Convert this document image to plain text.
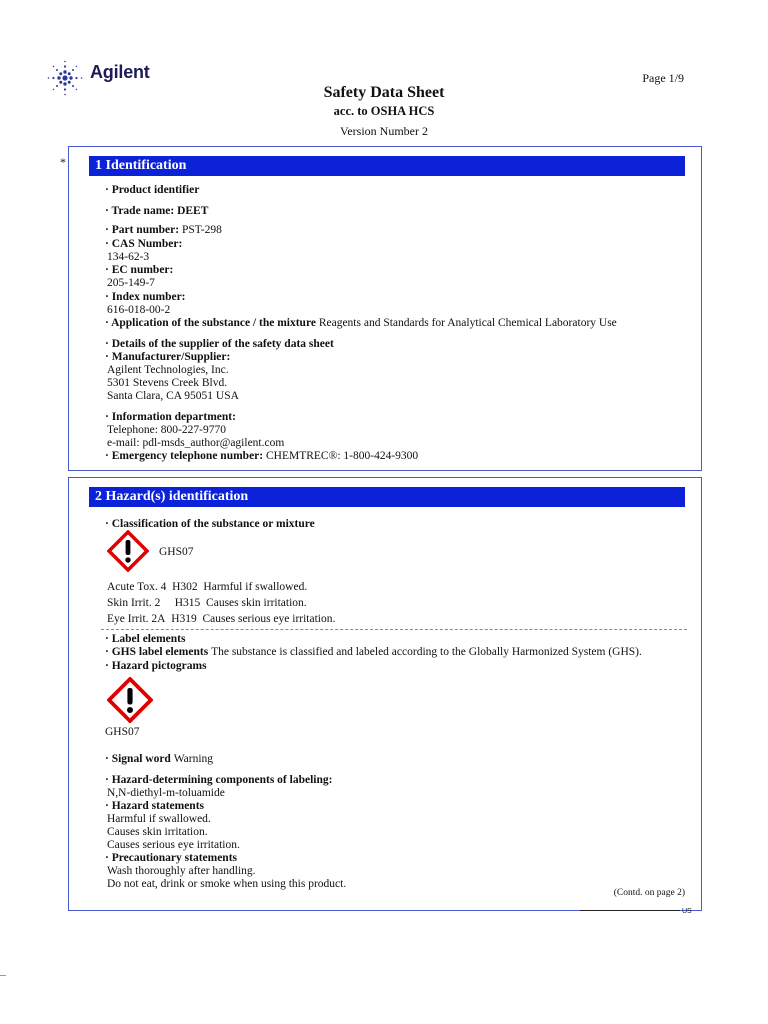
Agilent	Page 1/9
Safety Data Sheet
acc. to OSHA HCS
Version Number 2
*	1 Identification
· Product identifier
· Trade name: DEET
· Part number: PST-298
· CAS Number:
134-62-3
· EC number:
205-149-7
· Index number:
616-018-00-2
· Application of the substance / the mixture Reagents and Standards for Analytical Chemical Laboratory Use
· Details of the supplier of the safety data sheet
· Manufacturer/Supplier:
Agilent Technologies, Inc.
5301 Stevens Creek Blvd.
Santa Clara, CA 95051 USA
· Information department:
Telephone: 800-227-9770
e-mail: pdl-msds_author@agilent.com
· Emergency telephone number: CHEMTREC®: 1-800-424-9300
2 Hazard(s) identification
· Classification of the substance or mixture
GHS07
Acute Tox. 4 H302 Harmful if swallowed.
Skin Irrit. 2 H315 Causes skin irritation.
Eye Irrit. 2A H319 Causes serious eye irritation.
· Label elements
· GHS label elements The substance is classified and labeled according to the Globally Harmonized System (GHS).
· Hazard pictograms
GHS07
· Signal word Warning
· Hazard-determining components of labeling:
N,N-diethyl-m-toluamide
· Hazard statements
Harmful if swallowed.
Causes skin irritation.
Causes serious eye irritation.
· Precautionary statements
Wash thoroughly after handling.
Do not eat, drink or smoke when using this product.
(Contd. on page 2)
US
